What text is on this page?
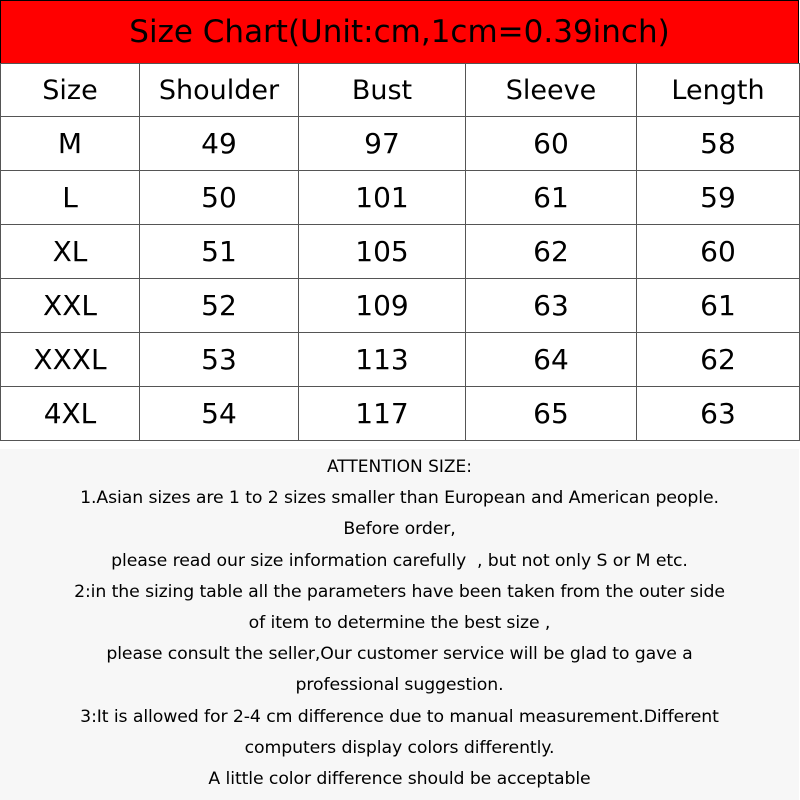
Size Chart(Unit:cm,1cm=0.39inch)
Size	Shoulder	Bust	Sleeve	Length
M	49	97	60	58
L	50	101	61	59
XL	51	105	62	60
XXL	52	109	63	61
XXXL	53	113	64	62
4XL	54	117	65	63
ATTENTION SIZE:
1.Asian sizes are 1 to 2 sizes smaller than European and American people.
Before order,
please read our size information carefully  , but not only S or M etc.
2:in the sizing table all the parameters have been taken from the outer side
of item to determine the best size ,
please consult the seller,Our customer service will be glad to gave a
professional suggestion.
3:It is allowed for 2-4 cm difference due to manual measurement.Different
computers display colors differently.
A little color difference should be acceptable
